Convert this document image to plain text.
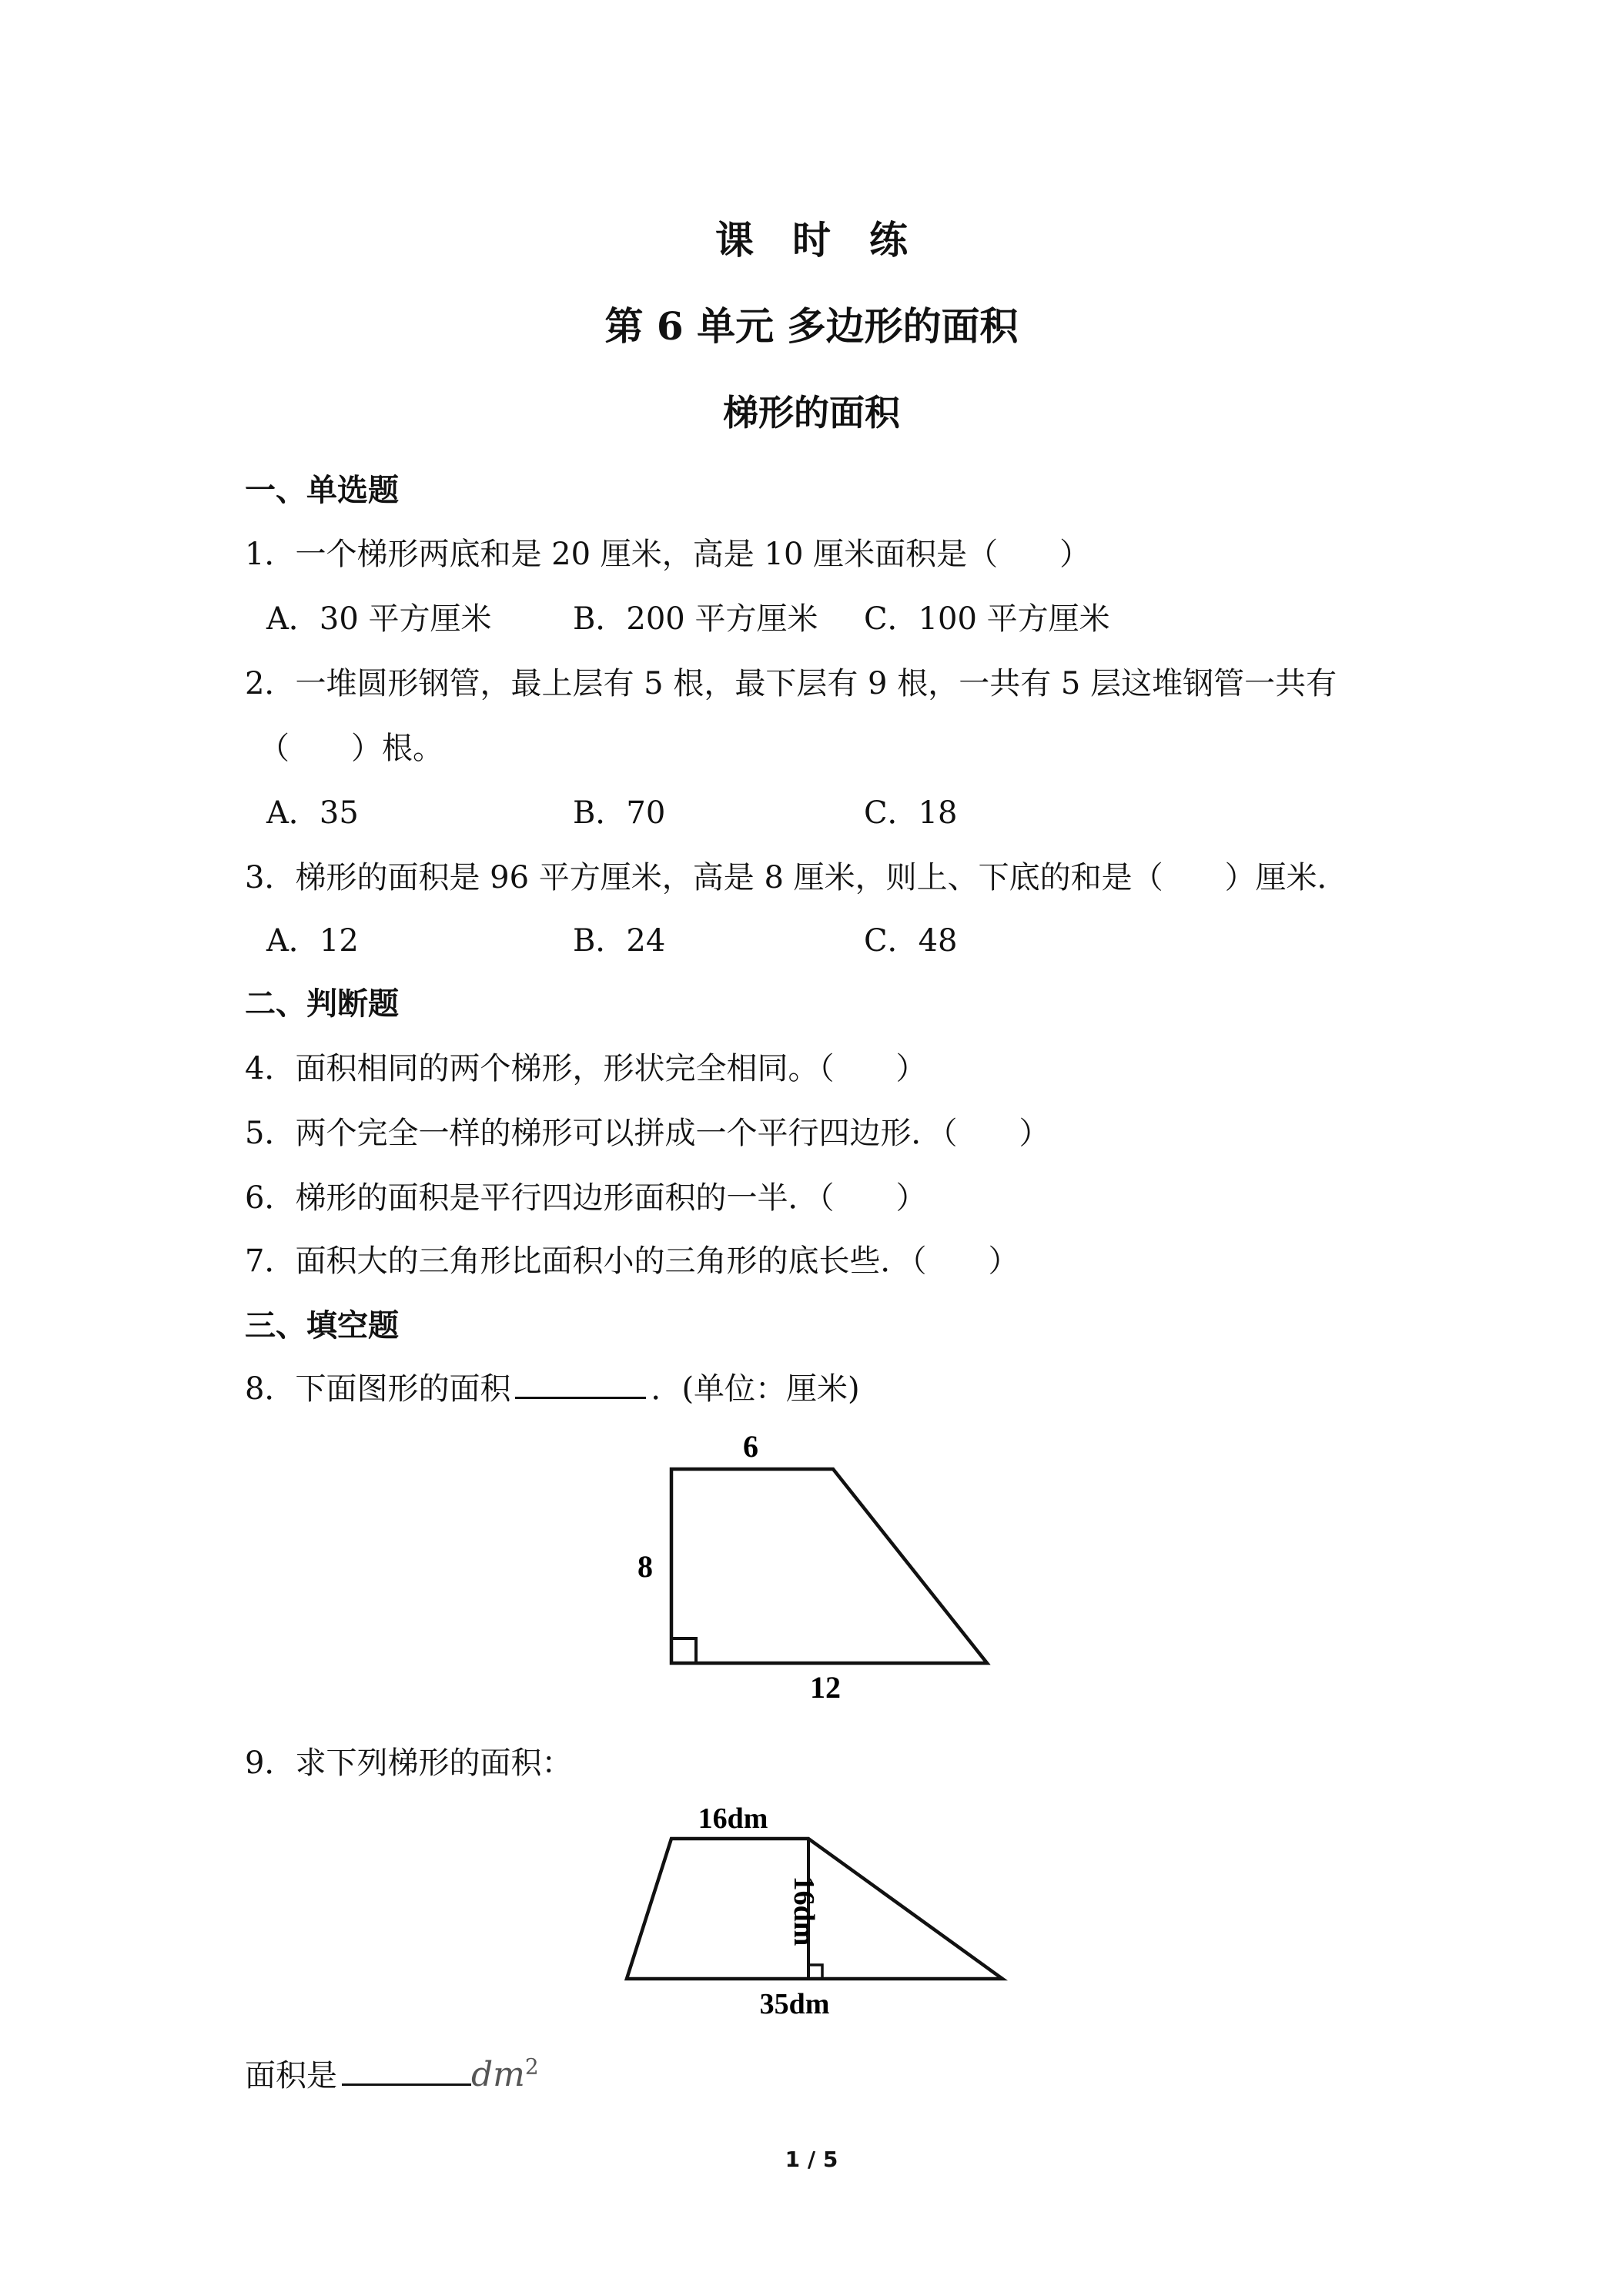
课　时　练
第 6 单元 多边形的面积
梯形的面积
一、单选题
1．一个梯形两底和是 20 厘米，高是 10 厘米面积是（　　）
A．30 平方厘米	B．200 平方厘米 C．100 平方厘米
2．一堆圆形钢管，最上层有 5 根，最下层有 9 根，一共有 5 层这堆钢管一共有
（　　）根。
A．35	B．70	C．18
3．梯形的面积是 96 平方厘米，高是 8 厘米，则上、下底的和是（　　）厘米．
A．12	B．24	C．48
二、判断题
4．面积相同的两个梯形，形状完全相同。（　　）
5．两个完全一样的梯形可以拼成一个平行四边形．（　　）
6．梯形的面积是平行四边形面积的一半．（　　）
7．面积大的三角形比面积小的三角形的底长些．（　　）
三、填空题
8．下面图形的面积	．(单位：厘米)
6
8
12
9．求下列梯形的面积：
16dm
16dm
35dm
面积是	$dm^2$
1 / 5
